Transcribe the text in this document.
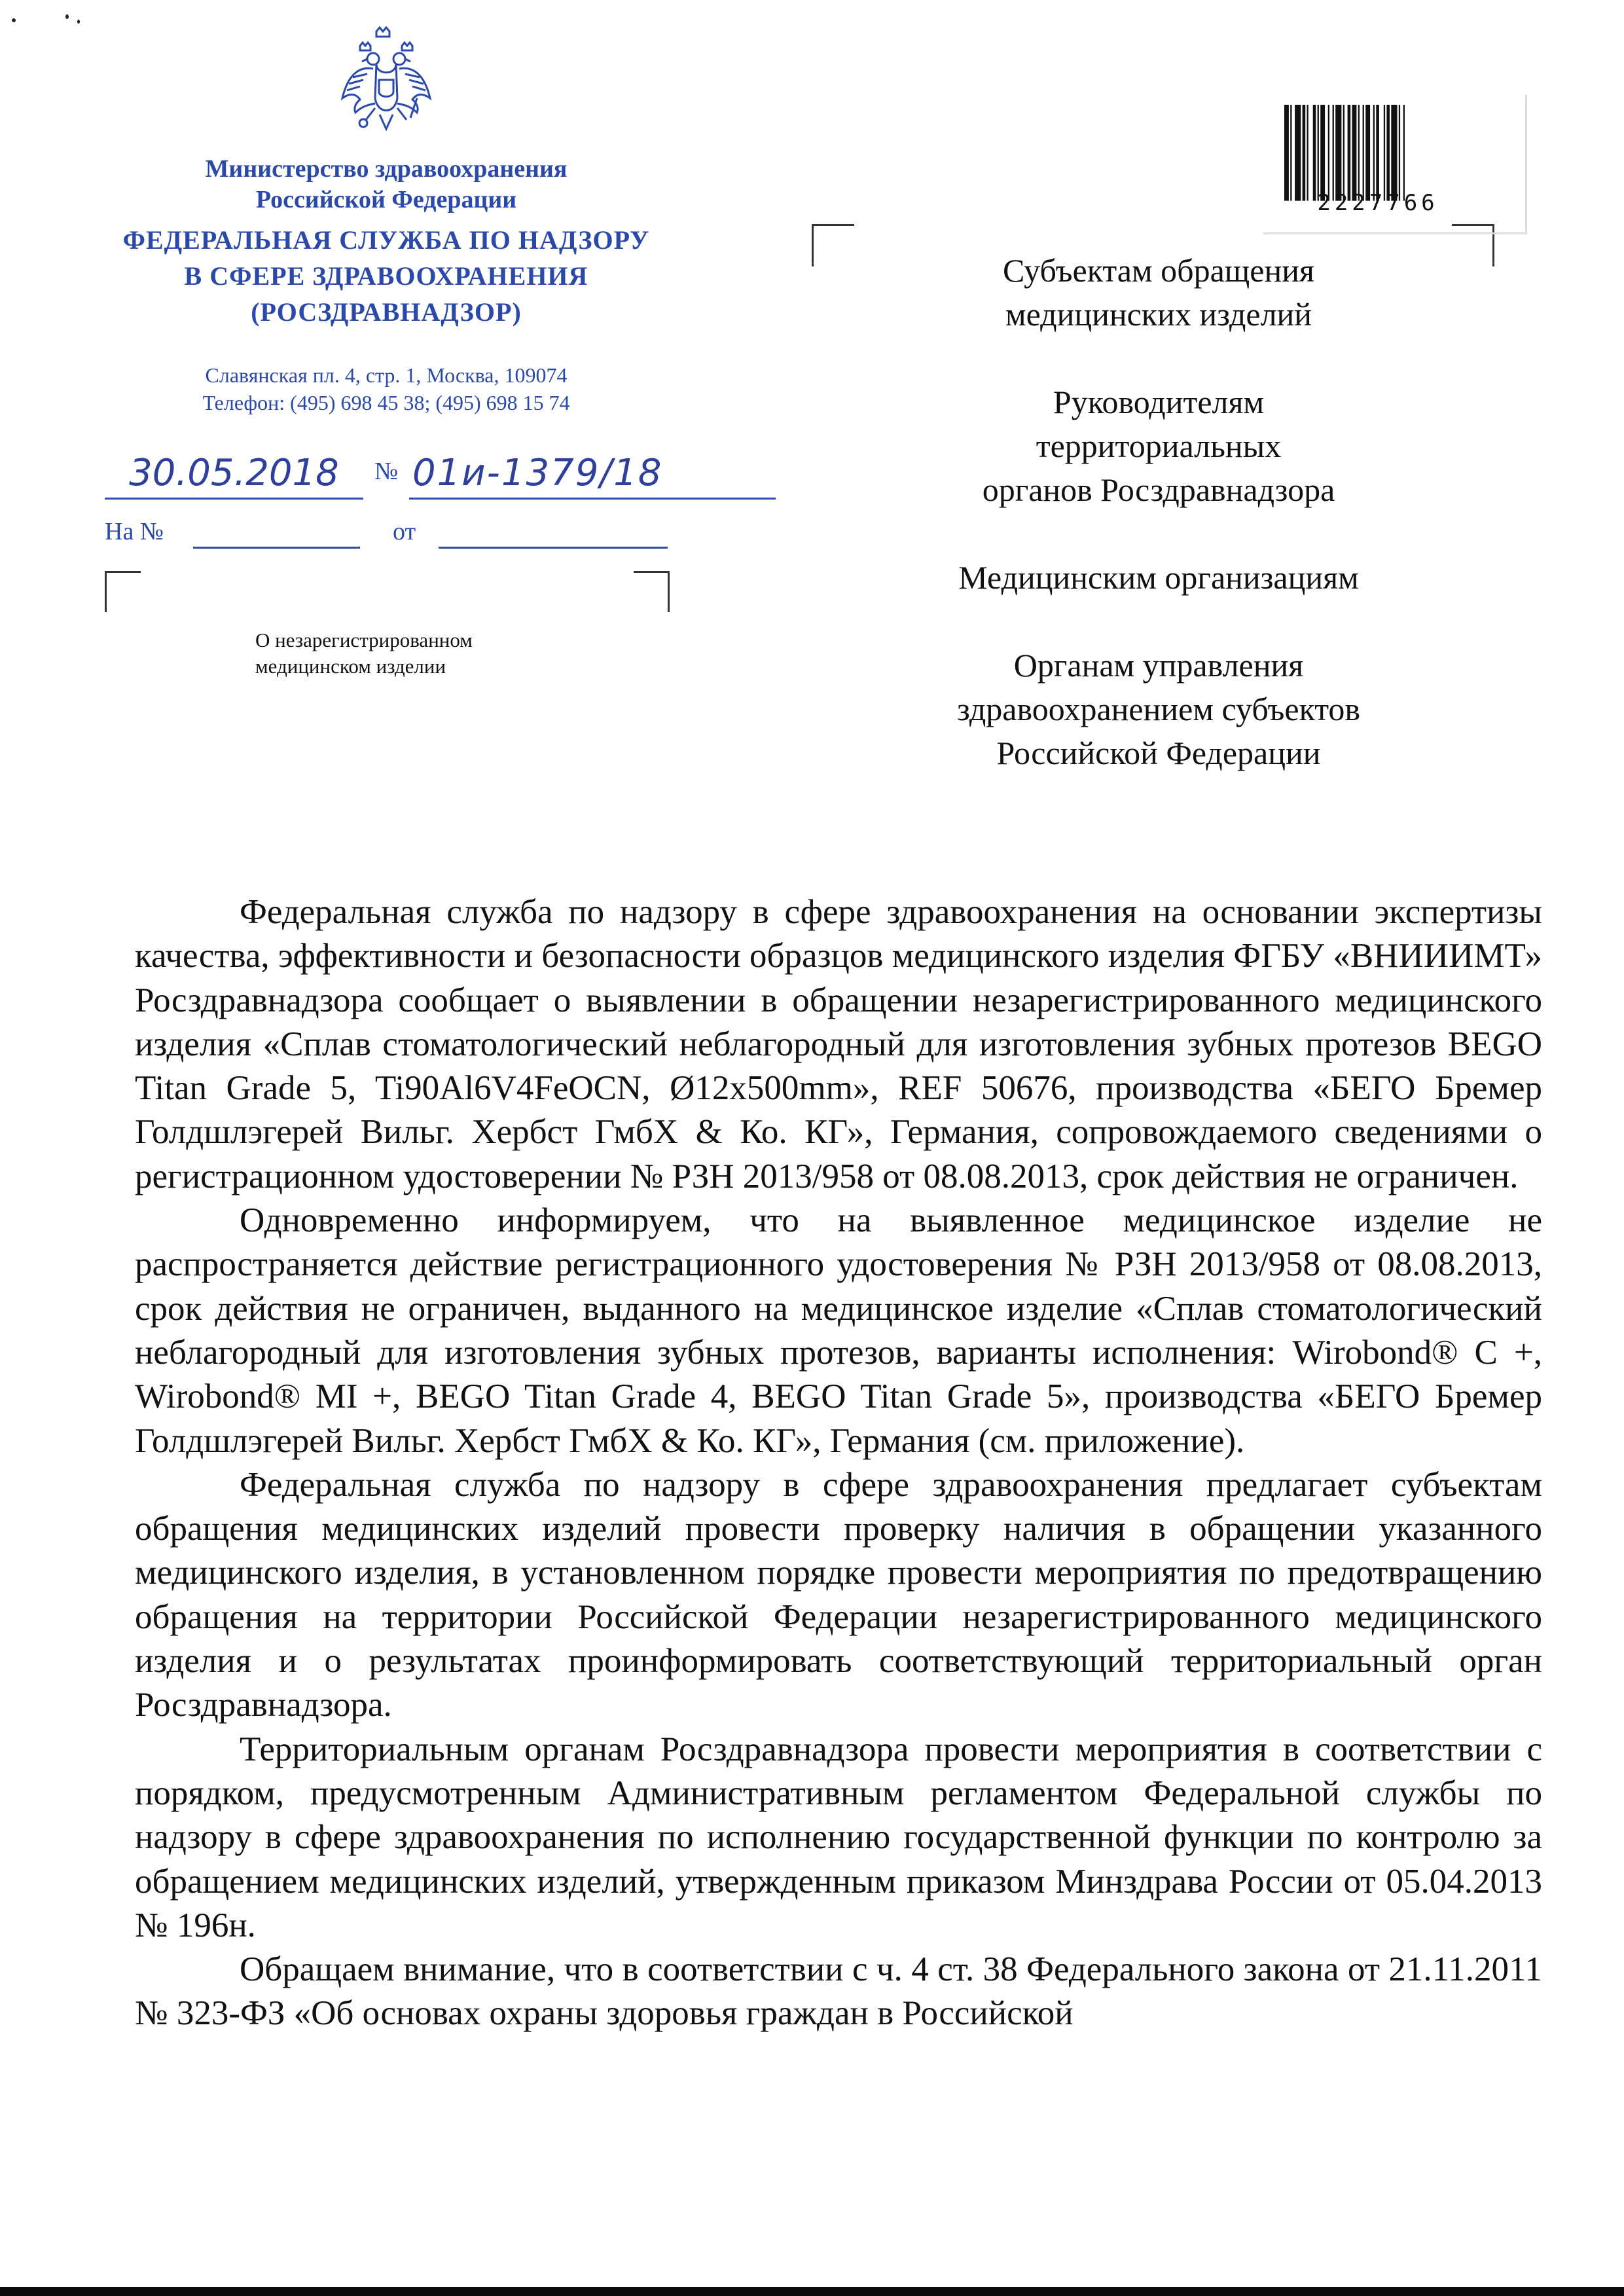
Министерство здравоохранения
Российской Федерации
ФЕДЕРАЛЬНАЯ СЛУЖБА ПО НАДЗОРУ
В СФЕРЕ ЗДРАВООХРАНЕНИЯ
(РОСЗДРАВНАДЗОР)
Славянская пл. 4, стр. 1, Москва, 109074
Телефон: (495) 698 45 38; (495) 698 15 74
30.05.2018	№ 01и-1379/18
На №	от
О незарегистрированном
медицинском изделии
2227766
Субъектам обращения
медицинских изделий
Руководителям
территориальных
органов Росздравнадзора
Медицинским организациям
Органам управления
здравоохранением субъектов
Российской Федерации

Федеральная служба по надзору в сфере здравоохранения на основании экспертизы качества, эффективности и безопасности образцов медицинского изделия ФГБУ «ВНИИИМТ» Росздравнадзора сообщает о выявлении в обращении незарегистрированного медицинского изделия «Сплав стоматологический неблагородный для изготовления зубных протезов BEGO Titan Grade 5, Ti90Al6V4FeOCN, Ø12x500mm», REF 50676, производства «БЕГО Бремер Голдшлэгерей Вильг. Хербст ГмбХ & Ко. КГ», Германия, сопровождаемого сведениями о регистрационном удостоверении № РЗН 2013/958 от 08.08.2013, срок действия не ограничен.

Одновременно информируем, что на выявленное медицинское изделие не распространяется действие регистрационного удостоверения № РЗН 2013/958 от 08.08.2013, срок действия не ограничен, выданного на медицинское изделие «Сплав стоматологический неблагородный для изготовления зубных протезов, варианты исполнения: Wirobond® C +, Wirobond® MI +, BEGO Titan Grade 4, BEGO Titan Grade 5», производства «БЕГО Бремер Голдшлэгерей Вильг. Хербст ГмбХ & Ко. КГ», Германия (см. приложение).

Федеральная служба по надзору в сфере здравоохранения предлагает субъектам обращения медицинских изделий провести проверку наличия в обращении указанного медицинского изделия, в установленном порядке провести мероприятия по предотвращению обращения на территории Российской Федерации незарегистрированного медицинского изделия и о результатах проинформировать соответствующий территориальный орган Росздравнадзора.

Территориальным органам Росздравнадзора провести мероприятия в соответствии с порядком, предусмотренным Административным регламентом Федеральной службы по надзору в сфере здравоохранения по исполнению государственной функции по контролю за обращением медицинских изделий, утвержденным приказом Минздрава России от 05.04.2013 № 196н.

Обращаем внимание, что в соответствии с ч. 4 ст. 38 Федерального закона от 21.11.2011 № 323-ФЗ «Об основах охраны здоровья граждан в Российской
